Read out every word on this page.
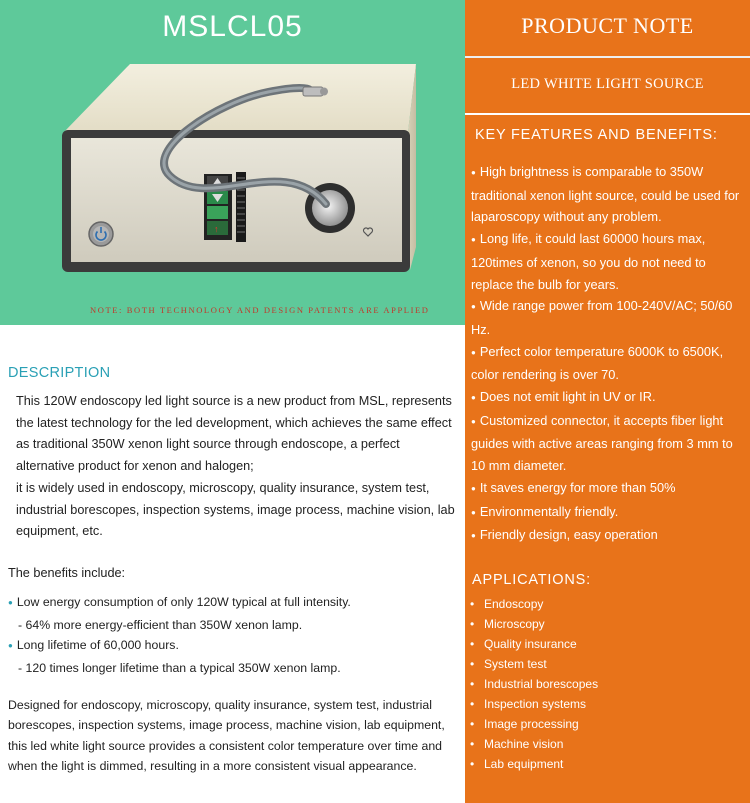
MSLCL05
↑
NOTE: BOTH TECHNOLOGY AND DESIGN PATENTS ARE APPLIED
PRODUCT NOTE
LED WHITE LIGHT SOURCE
KEY FEATURES AND BENEFITS:
● High brightness is comparable to 350W traditional xenon light source, could be used for laparoscopy without any problem.
● Long life, it could last 60000 hours max, 120times of xenon, so you do not need to replace the bulb for years.
● Wide range power from 100-240V/AC; 50/60 Hz.
● Perfect color temperature 6000K to 6500K, color rendering is over 70.
● Does not emit light in UV or IR.
● Customized connector, it accepts fiber light guides with active areas ranging from 3 mm to 10 mm diameter.
● It saves energy for more than 50%
● Environmentally friendly.
● Friendly design, easy operation
APPLICATIONS:
• Endoscopy
• Microscopy
• Quality insurance
• System test
• Industrial borescopes
• Inspection systems
• Image processing
• Machine vision
• Lab equipment
DESCRIPTION

This 120W endoscopy led light source is a new product from MSL, represents the latest technology for the led development, which achieves the same effect as traditional 350W xenon light source through endoscope, a perfect alternative product for xenon and halogen;

it is widely used in endoscopy, microscopy, quality insurance, system test, industrial borescopes, inspection systems, image process, machine vision, lab equipment, etc.

The benefits include:
● Low energy consumption of only 120W typical at full intensity.
- 64% more energy-efficient than 350W xenon lamp.
● Long lifetime of 60,000 hours.
- 120 times longer lifetime than a typical 350W xenon lamp.
Designed for endoscopy, microscopy, quality insurance, system test, industrial borescopes, inspection systems, image process, machine vision, lab equipment, this led white light source provides a consistent color temperature over time and when the light is dimmed, resulting in a more consistent visual appearance.
